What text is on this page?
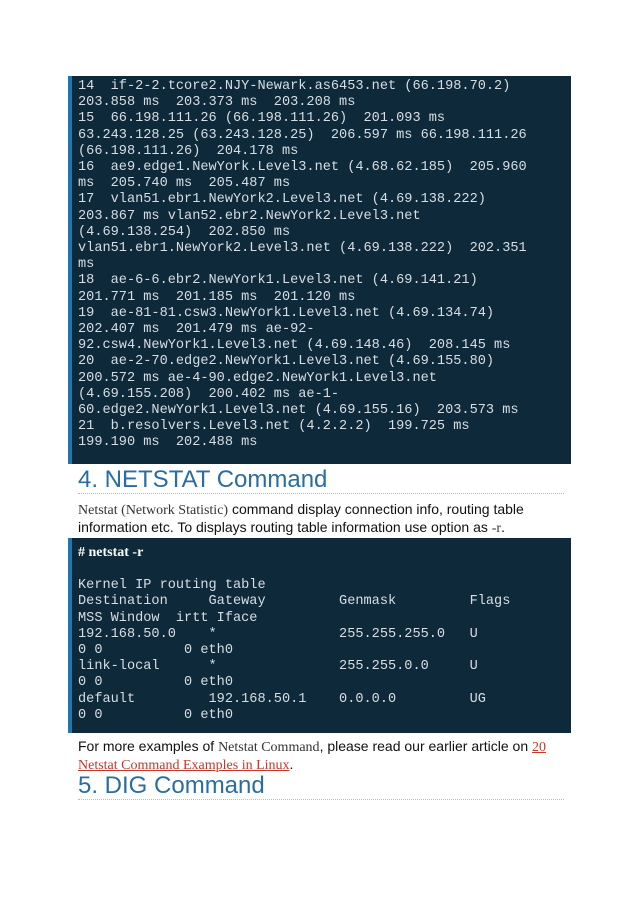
14  if-2-2.tcore2.NJY-Newark.as6453.net (66.198.70.2)
203.858 ms  203.373 ms  203.208 ms
15  66.198.111.26 (66.198.111.26)  201.093 ms
63.243.128.25 (63.243.128.25)  206.597 ms 66.198.111.26
(66.198.111.26)  204.178 ms
16  ae9.edge1.NewYork.Level3.net (4.68.62.185)  205.960
ms  205.740 ms  205.487 ms
17  vlan51.ebr1.NewYork2.Level3.net (4.69.138.222)
203.867 ms vlan52.ebr2.NewYork2.Level3.net
(4.69.138.254)  202.850 ms
vlan51.ebr1.NewYork2.Level3.net (4.69.138.222)  202.351
ms
18  ae-6-6.ebr2.NewYork1.Level3.net (4.69.141.21)
201.771 ms  201.185 ms  201.120 ms
19  ae-81-81.csw3.NewYork1.Level3.net (4.69.134.74)
202.407 ms  201.479 ms ae-92-
92.csw4.NewYork1.Level3.net (4.69.148.46)  208.145 ms
20  ae-2-70.edge2.NewYork1.Level3.net (4.69.155.80)
200.572 ms ae-4-90.edge2.NewYork1.Level3.net
(4.69.155.208)  200.402 ms ae-1-
60.edge2.NewYork1.Level3.net (4.69.155.16)  203.573 ms
21  b.resolvers.Level3.net (4.2.2.2)  199.725 ms
199.190 ms  202.488 ms
4. NETSTAT Command
Netstat (Network Statistic) command display connection info, routing table information etc. To displays routing table information use option as -r.
# netstat -r

Kernel IP routing table
Destination     Gateway         Genmask         Flags
MSS Window  irtt Iface
192.168.50.0    *               255.255.255.0   U
0 0          0 eth0
link-local      *               255.255.0.0     U
0 0          0 eth0
default         192.168.50.1    0.0.0.0         UG
0 0          0 eth0
For more examples of Netstat Command, please read our earlier article on 20 Netstat Command Examples in Linux.
5. DIG Command
